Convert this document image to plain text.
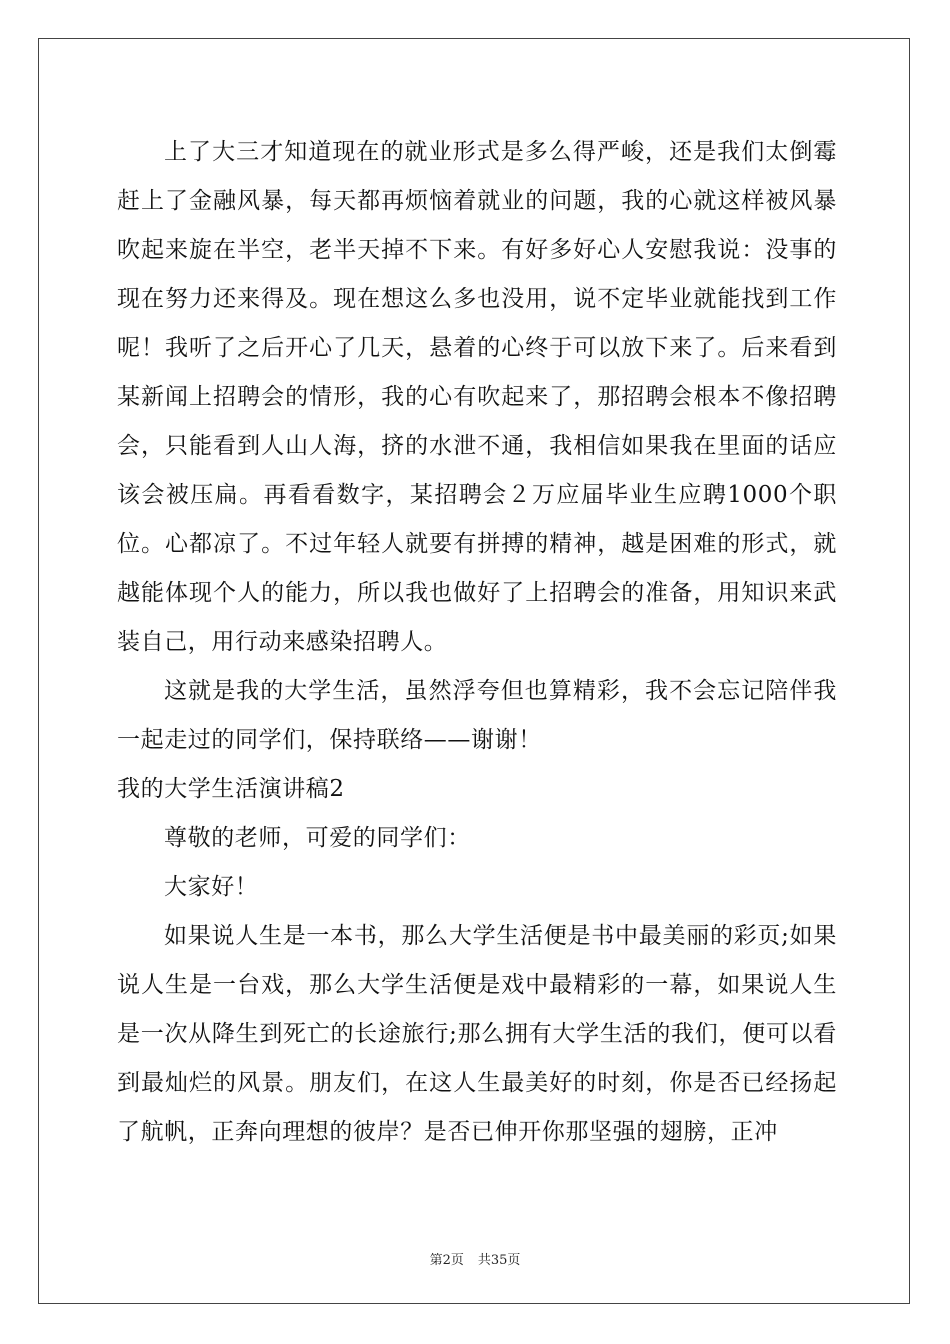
上了大三才知道现在的就业形式是多么得严峻，还是我们太倒霉赶上了金融风暴，每天都再烦恼着就业的问题，我的心就这样被风暴吹起来旋在半空，老半天掉不下来。有好多好心人安慰我说：没事的现在努力还来得及。现在想这么多也没用，说不定毕业就能找到工作呢！我听了之后开心了几天，悬着的心终于可以放下来了。后来看到某新闻上招聘会的情形，我的心有吹起来了，那招聘会根本不像招聘会，只能看到人山人海，挤的水泄不通，我相信如果我在里面的话应该会被压扁。再看看数字，某招聘会２万应届毕业生应聘1000个职位。心都凉了。不过年轻人就要有拼搏的精神，越是困难的形式，就越能体现个人的能力，所以我也做好了上招聘会的准备，用知识来武装自己，用行动来感染招聘人。

这就是我的大学生活，虽然浮夸但也算精彩，我不会忘记陪伴我一起走过的同学们，保持联络——谢谢！

我的大学生活演讲稿2

尊敬的老师，可爱的同学们：

大家好！

如果说人生是一本书，那么大学生活便是书中最美丽的彩页;如果说人生是一台戏，那么大学生活便是戏中最精彩的一幕，如果说人生是一次从降生到死亡的长途旅行;那么拥有大学生活的我们，便可以看到最灿烂的风景。朋友们，在这人生最美好的时刻，你是否已经扬起了航帆，正奔向理想的彼岸？是否已伸开你那坚强的翅膀，正冲

第2页 共35页
